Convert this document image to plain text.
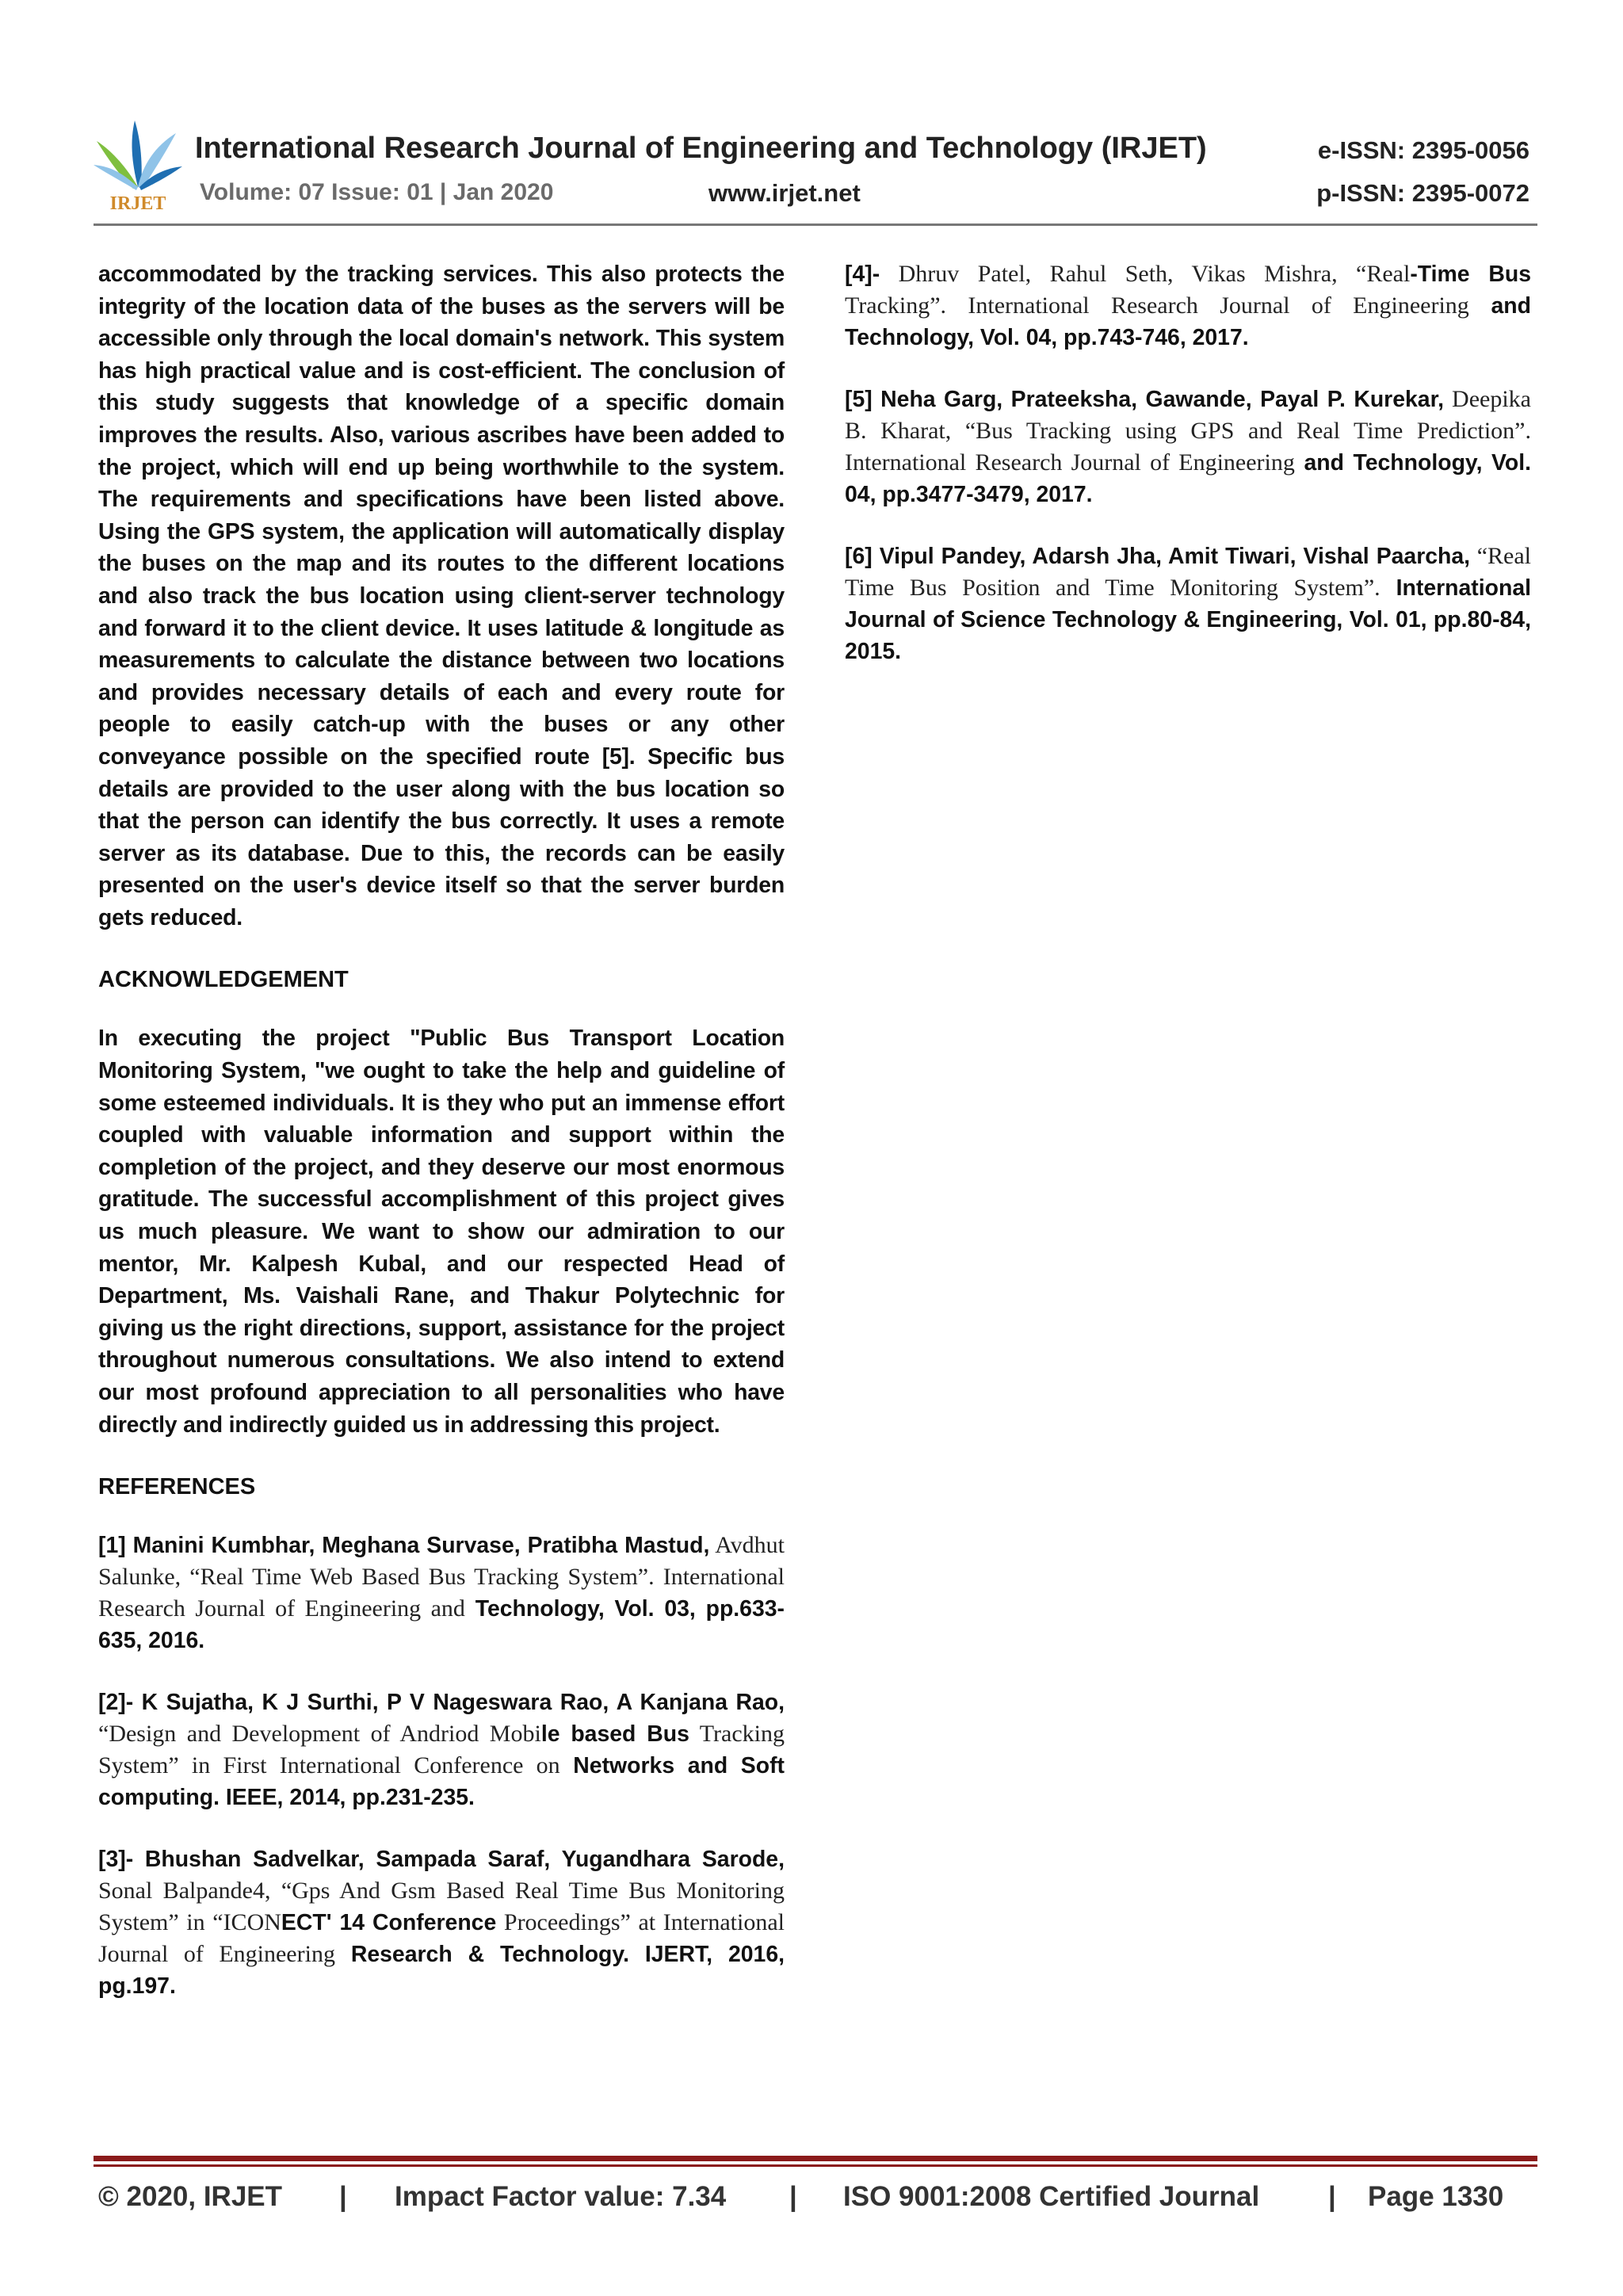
IRJET
International Research Journal of Engineering and Technology (IRJET)	e-ISSN: 2395-0056
Volume: 07 Issue: 01 | Jan 2020	www.irjet.net	p-ISSN: 2395-0072

accommodated by the tracking services. This also protects the integrity of the location data of the buses as the servers will be accessible only through the local domain's network. This system has high practical value and is cost-efficient. The conclusion of this study suggests that knowledge of a specific domain improves the results. Also, various ascribes have been added to the project, which will end up being worthwhile to the system. The requirements and specifications have been listed above. Using the GPS system, the application will automatically display the buses on the map and its routes to the different locations and also track the bus location using client-server technology and forward it to the client device. It uses latitude & longitude as measurements to calculate the distance between two locations and provides necessary details of each and every route for people to easily catch-up with the buses or any other conveyance possible on the specified route [5]. Specific bus details are provided to the user along with the bus location so that the person can identify the bus correctly. It uses a remote server as its database. Due to this, the records can be easily presented on the user's device itself so that the server burden gets reduced.

ACKNOWLEDGEMENT

In executing the project "Public Bus Transport Location Monitoring System, "we ought to take the help and guideline of some esteemed individuals. It is they who put an immense effort coupled with valuable information and support within the completion of the project, and they deserve our most enormous gratitude. The successful accomplishment of this project gives us much pleasure. We want to show our admiration to our mentor, Mr. Kalpesh Kubal, and our respected Head of Department, Ms. Vaishali Rane, and Thakur Polytechnic for giving us the right directions, support, assistance for the project throughout numerous consultations. We also intend to extend our most profound appreciation to all personalities who have directly and indirectly guided us in addressing this project.

REFERENCES

[1] Manini Kumbhar, Meghana Survase, Pratibha Mastud, Avdhut Salunke, “Real Time Web Based Bus Tracking System”. International Research Journal of Engineering and Technology, Vol. 03, pp.633-635, 2016.

[2]- K Sujatha, K J Surthi, P V Nageswara Rao, A Kanjana Rao, “Design and Development of Andriod Mobile based Bus Tracking System” in First International Conference on Networks and Soft computing. IEEE, 2014, pp.231-235.

[3]- Bhushan Sadvelkar, Sampada Saraf, Yugandhara Sarode, Sonal Balpande4, “Gps And Gsm Based Real Time Bus Monitoring System” in “ICONECT' 14 Conference Proceedings” at International Journal of Engineering Research & Technology. IJERT, 2016, pg.197.

[4]- Dhruv Patel, Rahul Seth, Vikas Mishra, “Real-Time Bus Tracking”. International Research Journal of Engineering and Technology, Vol. 04, pp.743-746, 2017.

[5] Neha Garg, Prateeksha, Gawande, Payal P. Kurekar, Deepika B. Kharat, “Bus Tracking using GPS and Real Time Prediction”. International Research Journal of Engineering and Technology, Vol. 04, pp.3477-3479, 2017.

[6] Vipul Pandey, Adarsh Jha, Amit Tiwari, Vishal Paarcha, “Real Time Bus Position and Time Monitoring System”. International Journal of Science Technology & Engineering, Vol. 01, pp.80-84, 2015.

© 2020, IRJET | Impact Factor value: 7.34 | ISO 9001:2008 Certified Journal | Page 1330
